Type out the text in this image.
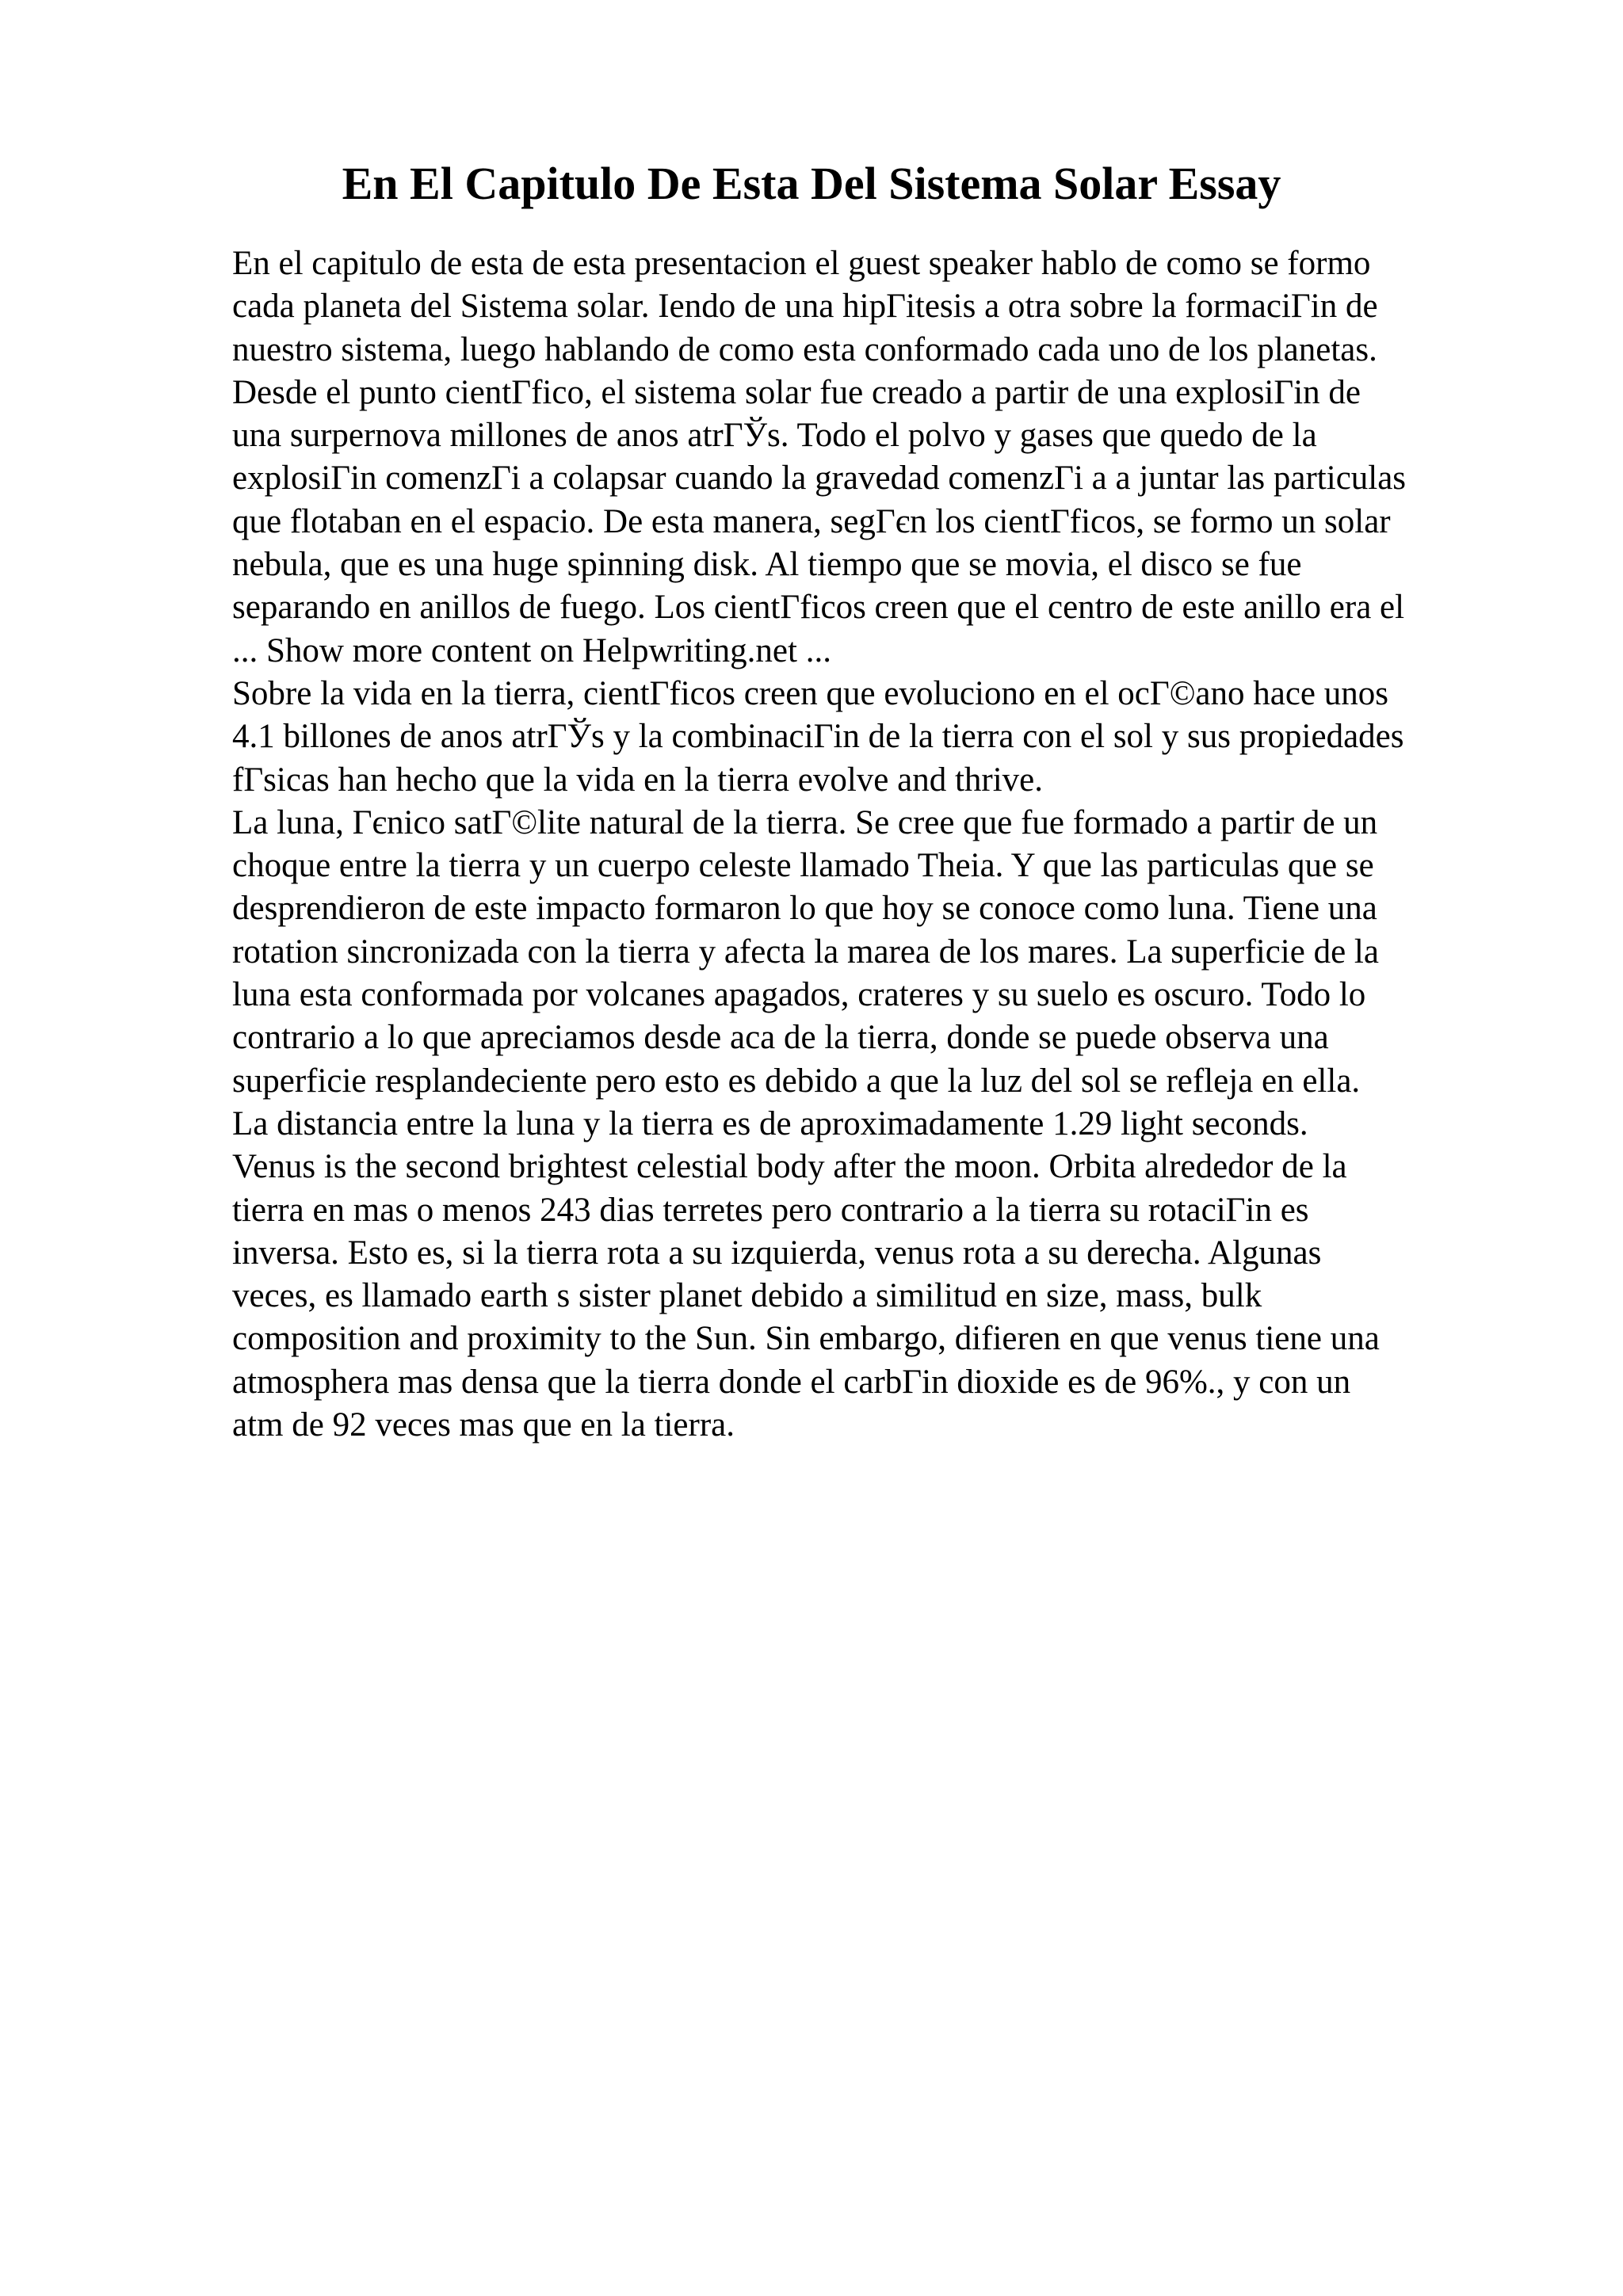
En El Capitulo De Esta Del Sistema Solar Essay
En el capitulo de esta de esta presentacion el guest speaker hablo de como se formo
cada planeta del Sistema solar. Iendo de una hipΓitesis a otra sobre la formaciΓin de
nuestro sistema, luego hablando de como esta conformado cada uno de los planetas.
Desde el punto cientΓfico, el sistema solar fue creado a partir de una explosiΓin de
una surpernova millones de anos atrΓЎs. Todo el polvo y gases que quedo de la
explosiΓin comenzΓi a colapsar cuando la gravedad comenzΓi a a juntar las particulas
que flotaban en el espacio. De esta manera, segΓєn los cientΓficos, se formo un solar
nebula, que es una huge spinning disk. Al tiempo que se movia, el disco se fue
separando en anillos de fuego. Los cientΓficos creen que el centro de este anillo era el
... Show more content on Helpwriting.net ...
Sobre la vida en la tierra, cientΓficos creen que evoluciono en el ocΓ©ano hace unos
4.1 billones de anos atrΓЎs y la combinaciΓin de la tierra con el sol y sus propiedades
fΓsicas han hecho que la vida en la tierra evolve and thrive.
La luna, Γєnico satΓ©lite natural de la tierra. Se cree que fue formado a partir de un
choque entre la tierra y un cuerpo celeste llamado Theia. Y que las particulas que se
desprendieron de este impacto formaron lo que hoy se conoce como luna. Tiene una
rotation sincronizada con la tierra y afecta la marea de los mares. La superficie de la
luna esta conformada por volcanes apagados, crateres y su suelo es oscuro. Todo lo
contrario a lo que apreciamos desde aca de la tierra, donde se puede observa una
superficie resplandeciente pero esto es debido a que la luz del sol se refleja en ella.
La distancia entre la luna y la tierra es de aproximadamente 1.29 light seconds.
Venus is the second brightest celestial body after the moon. Orbita alrededor de la
tierra en mas o menos 243 dias terretes pero contrario a la tierra su rotaciΓin es
inversa. Esto es, si la tierra rota a su izquierda, venus rota a su derecha. Algunas
veces, es llamado earth s sister planet debido a similitud en size, mass, bulk
composition and proximity to the Sun. Sin embargo, difieren en que venus tiene una
atmosphera mas densa que la tierra donde el carbΓin dioxide es de 96%., y con un
atm de 92 veces mas que en la tierra.
